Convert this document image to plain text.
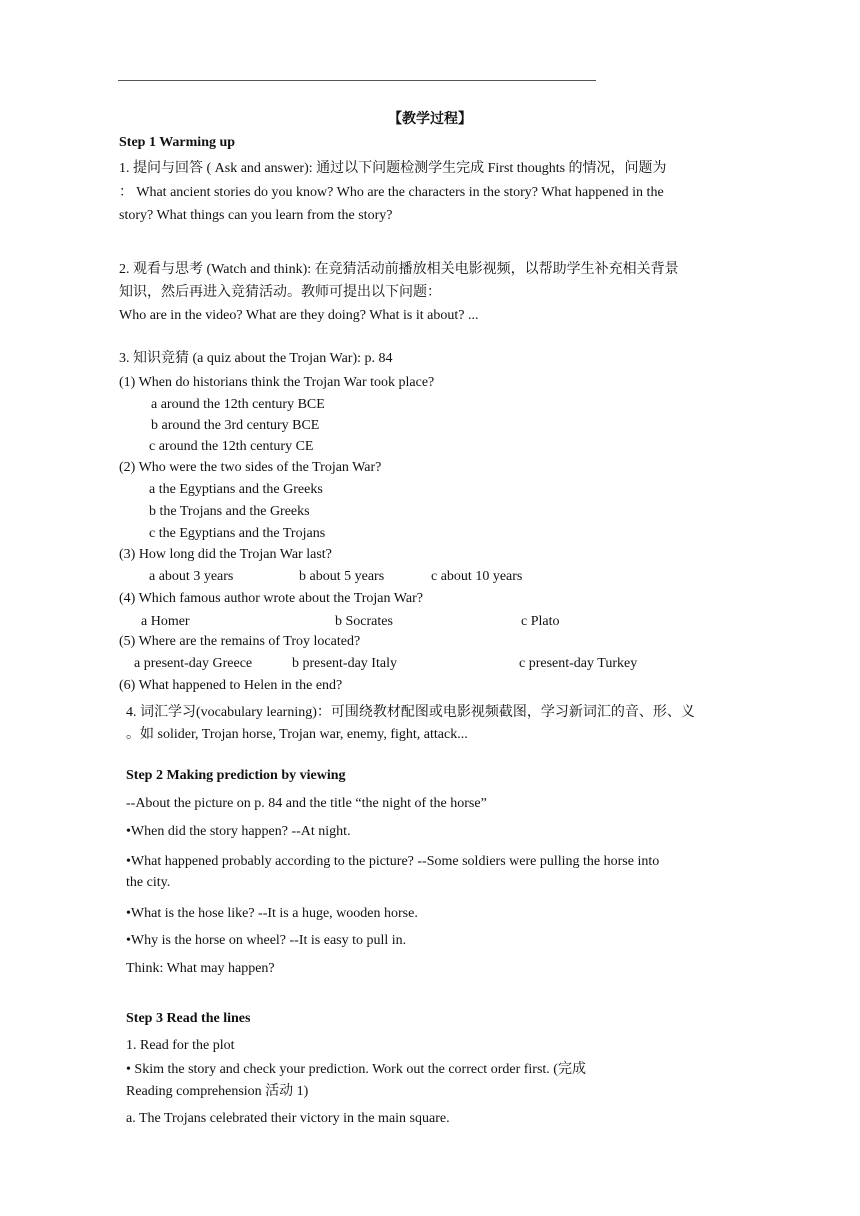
【教学过程】
Step 1 Warming up
1. 提问与回答 ( Ask and answer): 通过以下问题检测学生完成 First thoughts 的情况，问题为
： What ancient stories do you know? Who are the characters in the story? What happened in the
story? What things can you learn from the story?
2. 观看与思考 (Watch and think): 在竞猜活动前播放相关电影视频，以帮助学生补充相关背景
知识，然后再进入竞猜活动。教师可提出以下问题：
Who are in the video? What are they doing? What is it about? ...
3. 知识竞猜 (a quiz about the Trojan War): p. 84
(1) When do historians think the Trojan War took place?
a around the 12th century BCE
b around the 3rd century BCE
c around the 12th century CE
(2) Who were the two sides of the Trojan War?
a the Egyptians and the Greeks
b the Trojans and the Greeks
c the Egyptians and the Trojans
(3) How long did the Trojan War last?
a about 3 years	b about 5 years	c about 10 years
(4) Which famous author wrote about the Trojan War?
a Homer	b Socrates	c Plato
(5) Where are the remains of Troy located?
a present-day Greece	b present-day Italy	c present-day Turkey
(6) What happened to Helen in the end?
4. 词汇学习(vocabulary learning)：可围绕教材配图或电影视频截图，学习新词汇的音、形、义
。如 solider, Trojan horse, Trojan war, enemy, fight, attack...
Step 2 Making prediction by viewing
--About the picture on p. 84 and the title “the night of the horse”
•When did the story happen? --At night.
•What happened probably according to the picture? --Some soldiers were pulling the horse into
the city.
•What is the hose like? --It is a huge, wooden horse.
•Why is the horse on wheel? --It is easy to pull in.
Think: What may happen?
Step 3 Read the lines
1. Read for the plot
• Skim the story and check your prediction. Work out the correct order first. (完成
Reading comprehension 活动 1)
a. The Trojans celebrated their victory in the main square.
